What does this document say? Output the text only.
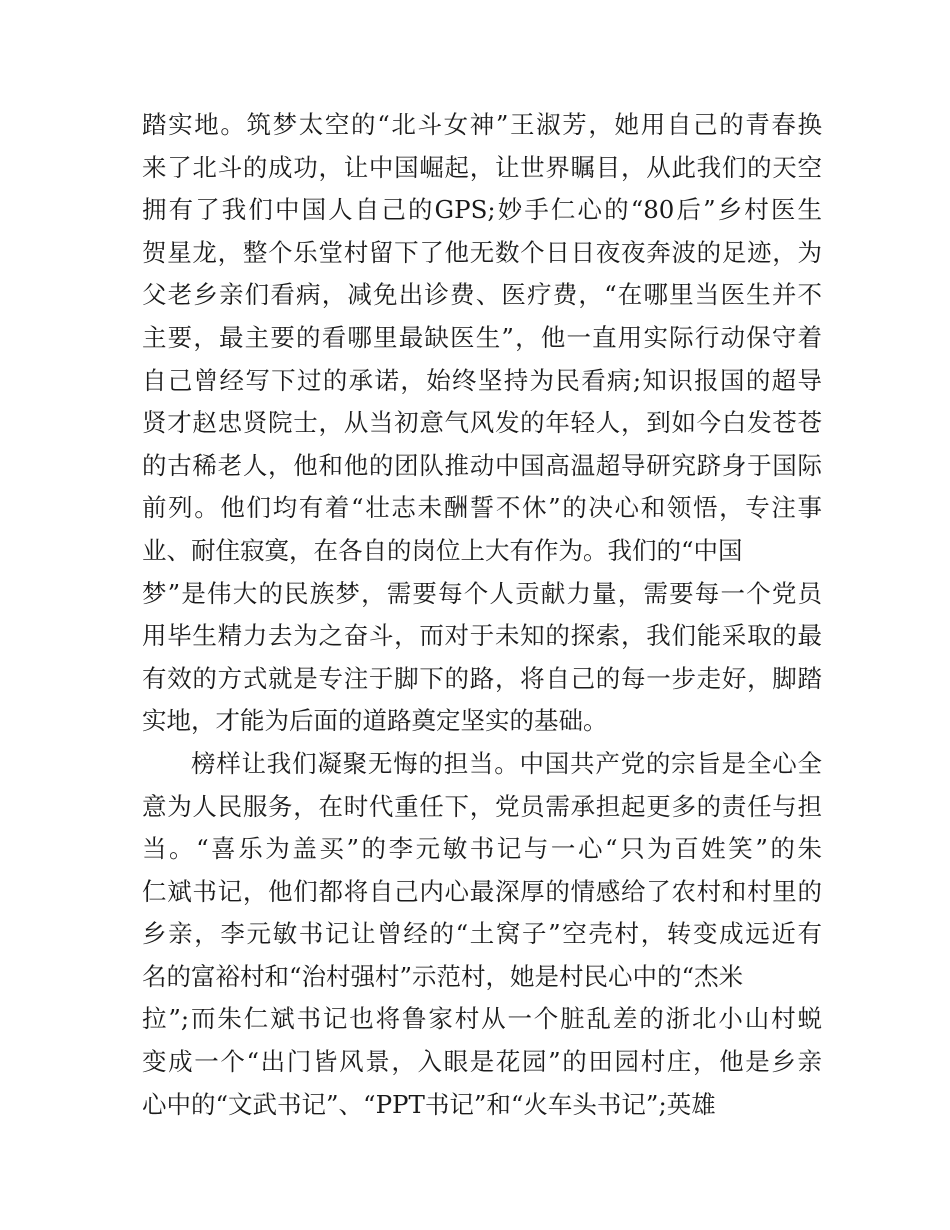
踏实地。筑梦太空的“北斗女神”王淑芳，她用自己的青春换
来了北斗的成功，让中国崛起，让世界瞩目，从此我们的天空
拥有了我们中国人自己的GPS;妙手仁心的“80后”乡村医生
贺星龙，整个乐堂村留下了他无数个日日夜夜奔波的足迹，为
父老乡亲们看病，减免出诊费、医疗费，“在哪里当医生并不
主要，最主要的看哪里最缺医生”，他一直用实际行动保守着
自己曾经写下过的承诺，始终坚持为民看病;知识报国的超导
贤才赵忠贤院士，从当初意气风发的年轻人，到如今白发苍苍
的古稀老人，他和他的团队推动中国高温超导研究跻身于国际
前列。他们均有着“壮志未酬誓不休”的决心和领悟，专注事
业、耐住寂寞，在各自的岗位上大有作为。我们的“中国
梦”是伟大的民族梦，需要每个人贡献力量，需要每一个党员
用毕生精力去为之奋斗，而对于未知的探索，我们能采取的最
有效的方式就是专注于脚下的路，将自己的每一步走好，脚踏
实地，才能为后面的道路奠定坚实的基础。
榜样让我们凝聚无悔的担当。中国共产党的宗旨是全心全
意为人民服务，在时代重任下，党员需承担起更多的责任与担
当。“喜乐为盖买”的李元敏书记与一心“只为百姓笑”的朱
仁斌书记，他们都将自己内心最深厚的情感给了农村和村里的
乡亲，李元敏书记让曾经的“土窝子”空壳村，转变成远近有
名的富裕村和“治村强村”示范村，她是村民心中的“杰米
拉”;而朱仁斌书记也将鲁家村从一个脏乱差的浙北小山村蜕
变成一个“出门皆风景，入眼是花园”的田园村庄，他是乡亲
心中的“文武书记”、“PPT书记”和“火车头书记”;英雄
